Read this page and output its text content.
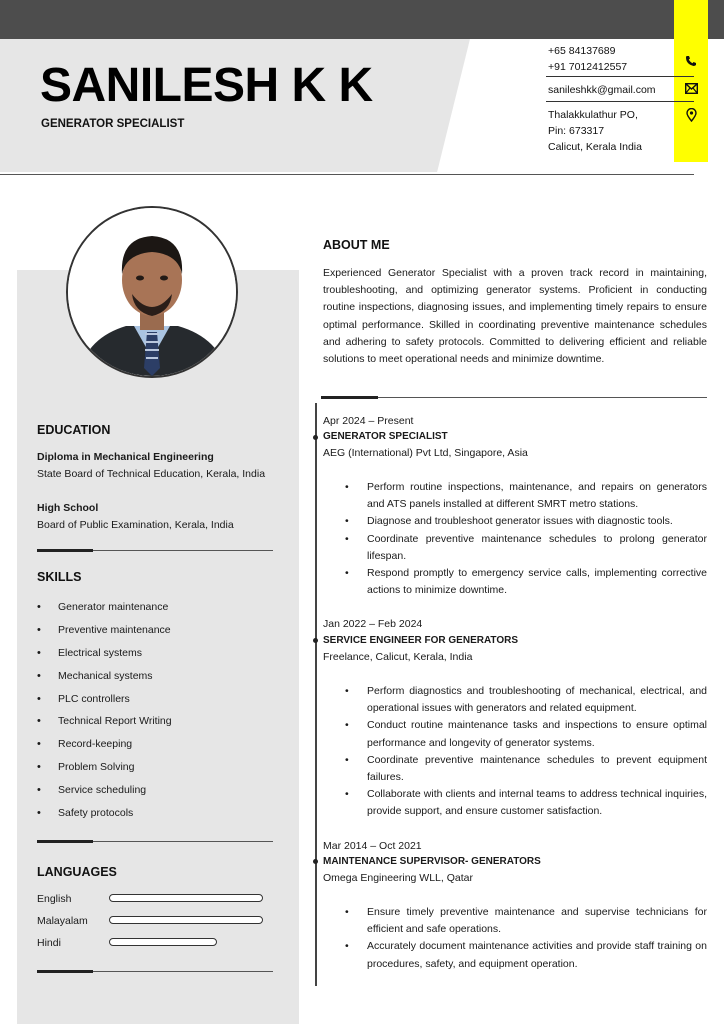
SANILESH K K
GENERATOR SPECIALIST
+65 84137689
+91 7012412557
sanileshkk@gmail.com
Thalakkulathur PO,
Pin: 673317
Calicut, Kerala India
EDUCATION
Diploma in Mechanical Engineering
State Board of Technical Education, Kerala, India
High School
Board of Public Examination, Kerala, India
SKILLS
• Generator maintenance
• Preventive maintenance
• Electrical systems
• Mechanical systems
• PLC controllers
• Technical Report Writing
• Record-keeping
• Problem Solving
• Service scheduling
• Safety protocols
LANGUAGES
English
Malayalam
Hindi
ABOUT ME
Experienced Generator Specialist with a proven track record in maintaining, troubleshooting, and optimizing generator systems. Proficient in conducting routine inspections, diagnosing issues, and implementing timely repairs to ensure optimal performance. Skilled in coordinating preventive maintenance schedules and adhering to safety protocols. Committed to delivering efficient and reliable solutions to meet operational needs and minimize downtime.
Apr 2024 – Present
GENERATOR SPECIALIST
AEG (International) Pvt Ltd, Singapore, Asia
• Perform routine inspections, maintenance, and repairs on generators and ATS panels installed at different SMRT metro stations.
• Diagnose and troubleshoot generator issues with diagnostic tools.
• Coordinate preventive maintenance schedules to prolong generator lifespan.
• Respond promptly to emergency service calls, implementing corrective actions to minimize downtime.
Jan 2022 – Feb 2024
SERVICE ENGINEER FOR GENERATORS
Freelance, Calicut, Kerala, India
• Perform diagnostics and troubleshooting of mechanical, electrical, and operational issues with generators and related equipment.
• Conduct routine maintenance tasks and inspections to ensure optimal performance and longevity of generator systems.
• Coordinate preventive maintenance schedules to prevent equipment failures.
• Collaborate with clients and internal teams to address technical inquiries, provide support, and ensure customer satisfaction.
Mar 2014 – Oct 2021
MAINTENANCE SUPERVISOR- GENERATORS
Omega Engineering WLL, Qatar
• Ensure timely preventive maintenance and supervise technicians for efficient and safe operations.
• Accurately document maintenance activities and provide staff training on procedures, safety, and equipment operation.
